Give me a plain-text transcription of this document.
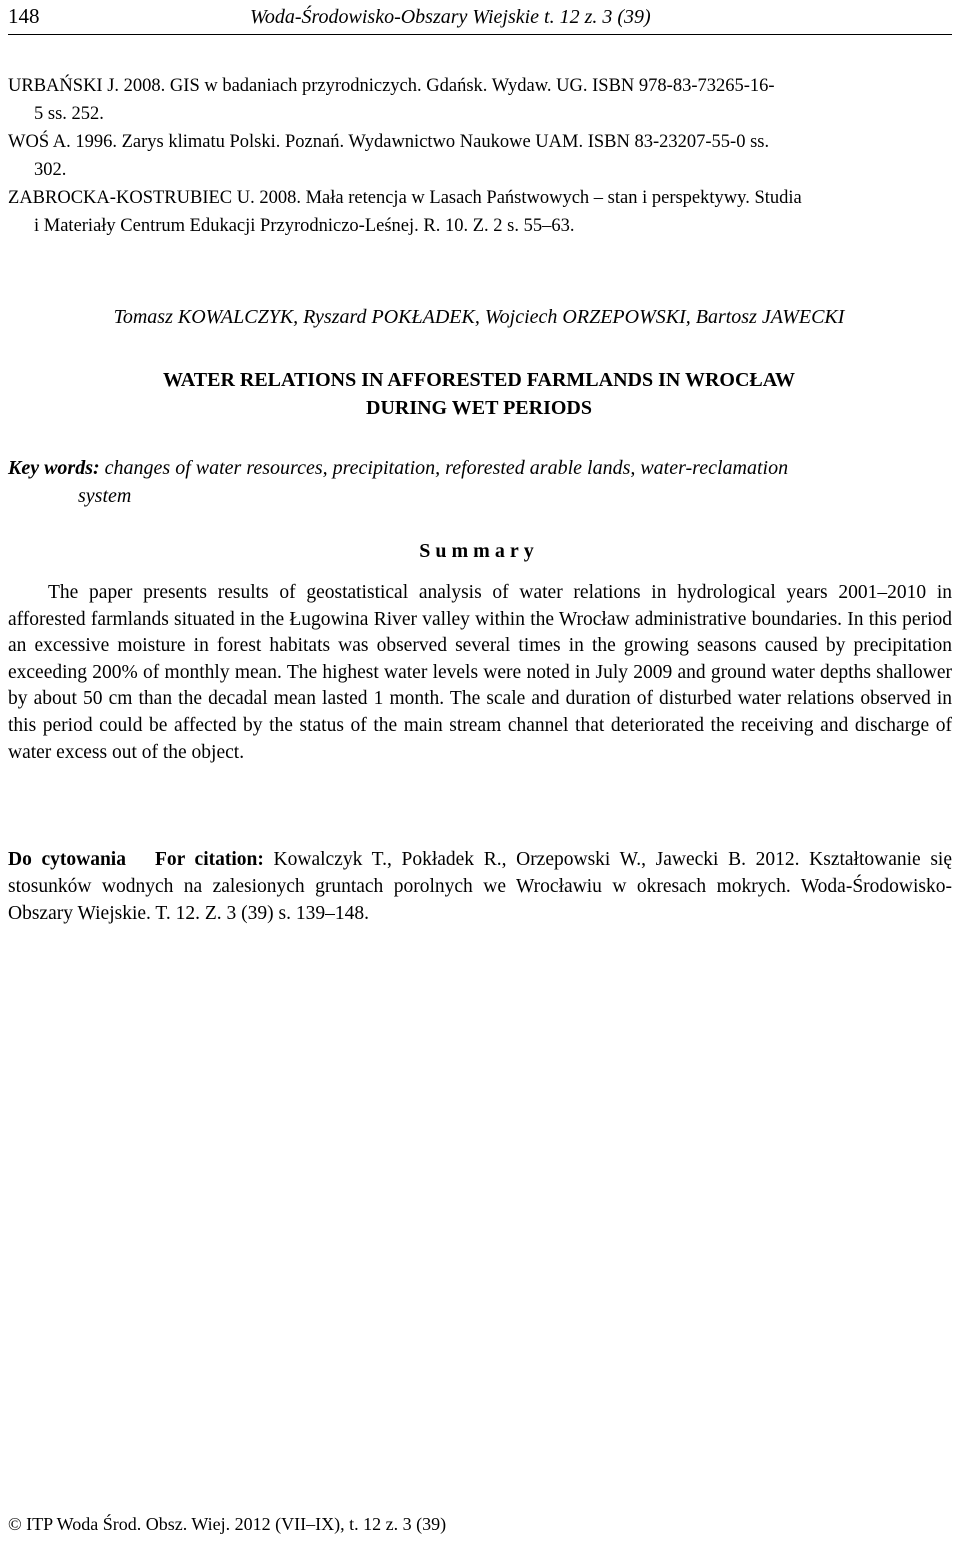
148	Woda-Środowisko-Obszary Wiejskie t. 12 z. 3 (39)

URBAŃSKI J. 2008. GIS w badaniach przyrodniczych. Gdańsk. Wydaw. UG. ISBN 978-83-73265-16-
5 ss. 252.

WOŚ A. 1996. Zarys klimatu Polski. Poznań. Wydawnictwo Naukowe UAM. ISBN 83-23207-55-0 ss.
302.

ZABROCKA-KOSTRUBIEC U. 2008. Mała retencja w Lasach Państwowych – stan i perspektywy. Studia
i Materiały Centrum Edukacji Przyrodniczo-Leśnej. R. 10. Z. 2 s. 55–63.

Tomasz KOWALCZYK, Ryszard POKŁADEK, Wojciech ORZEPOWSKI, Bartosz JAWECKI
WATER RELATIONS IN AFFORESTED FARMLANDS IN WROCŁAW
DURING WET PERIODS
Key words: changes of water resources, precipitation, reforested arable lands, water-reclamation
system
Summary

The paper presents results of geostatistical analysis of water relations in hydrological years 2001–2010 in afforested farmlands situated in the Ługowina River valley within the Wrocław administrative boundaries. In this period an excessive moisture in forest habitats was observed several times in the growing seasons caused by precipitation exceeding 200% of monthly mean. The highest water levels were noted in July 2009 and ground water depths shallower by about 50 cm than the decadal mean lasted 1 month. The scale and duration of disturbed water relations observed in this period could be affected by the status of the main stream channel that deteriorated the receiving and discharge of water excess out of the object.

Do cytowania For citation: Kowalczyk T., Pokładek R., Orzepowski W., Jawecki B. 2012. Kształtowanie się stosunków wodnych na zalesionych gruntach porolnych we Wrocławiu w okresach mokrych. Woda-Środowisko-Obszary Wiejskie. T. 12. Z. 3 (39) s. 139–148.

© ITP Woda Środ. Obsz. Wiej. 2012 (VII–IX), t. 12 z. 3 (39)
